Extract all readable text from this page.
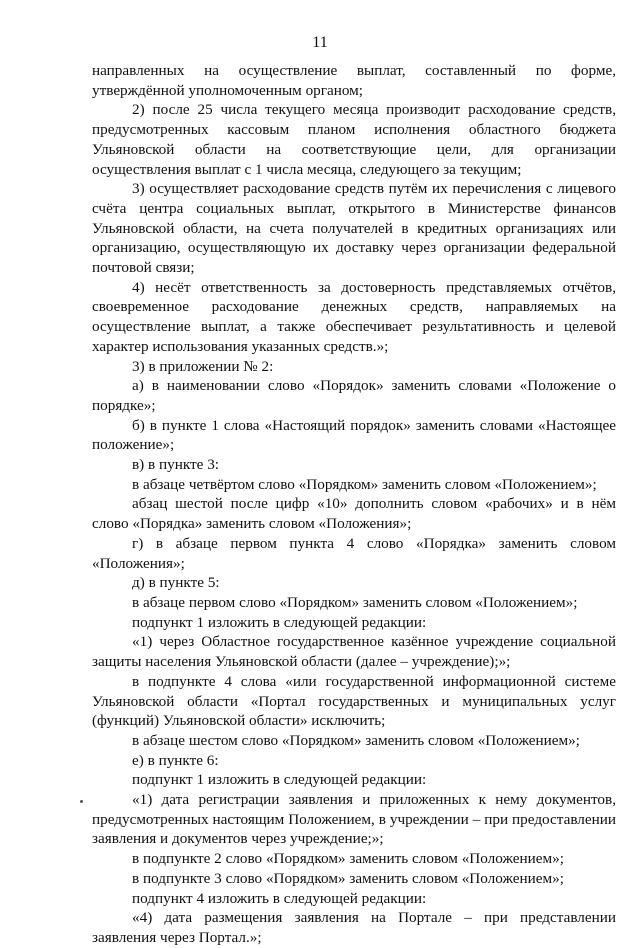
11

направленных на осуществление выплат, составленный по форме, утверждённой уполномоченным органом;

2) после 25 числа текущего месяца производит расходование средств, предусмотренных кассовым планом исполнения областного бюджета Ульяновской области на соответствующие цели, для организации осуществления выплат с 1 числа месяца, следующего за текущим;

3) осуществляет расходование средств путём их перечисления с лицевого счёта центра социальных выплат, открытого в Министерстве финансов Ульяновской области, на счета получателей в кредитных организациях или организацию, осуществляющую их доставку через организации федеральной почтовой связи;

4) несёт ответственность за достоверность представляемых отчётов, своевременное расходование денежных средств, направляемых на осуществление выплат, а также обеспечивает результативность и целевой характер использования указанных средств.»;

3) в приложении № 2:

а) в наименовании слово «Порядок» заменить словами «Положение о порядке»;

б) в пункте 1 слова «Настоящий порядок» заменить словами «Настоящее положение»;

в) в пункте 3:

в абзаце четвёртом слово «Порядком» заменить словом «Положением»;

абзац шестой после цифр «10» дополнить словом «рабочих» и в нём слово «Порядка» заменить словом «Положения»;

г) в абзаце первом пункта 4 слово «Порядка» заменить словом «Положения»;

д) в пункте 5:

в абзаце первом слово «Порядком» заменить словом «Положением»;

подпункт 1 изложить в следующей редакции:

«1) через Областное государственное казённое учреждение социальной защиты населения Ульяновской области (далее – учреждение);»;

в подпункте 4 слова «или государственной информационной системе Ульяновской области «Портал государственных и муниципальных услуг (функций) Ульяновской области» исключить;

в абзаце шестом слово «Порядком» заменить словом «Положением»;

е) в пункте 6:

подпункт 1 изложить в следующей редакции:

«1) дата регистрации заявления и приложенных к нему документов, предусмотренных настоящим Положением, в учреждении – при предоставлении заявления и документов через учреждение;»;

в подпункте 2 слово «Порядком» заменить словом «Положением»;

в подпункте 3 слово «Порядком» заменить словом «Положением»;

подпункт 4 изложить в следующей редакции:

«4) дата размещения заявления на Портале – при представлении заявления через Портал.»;
